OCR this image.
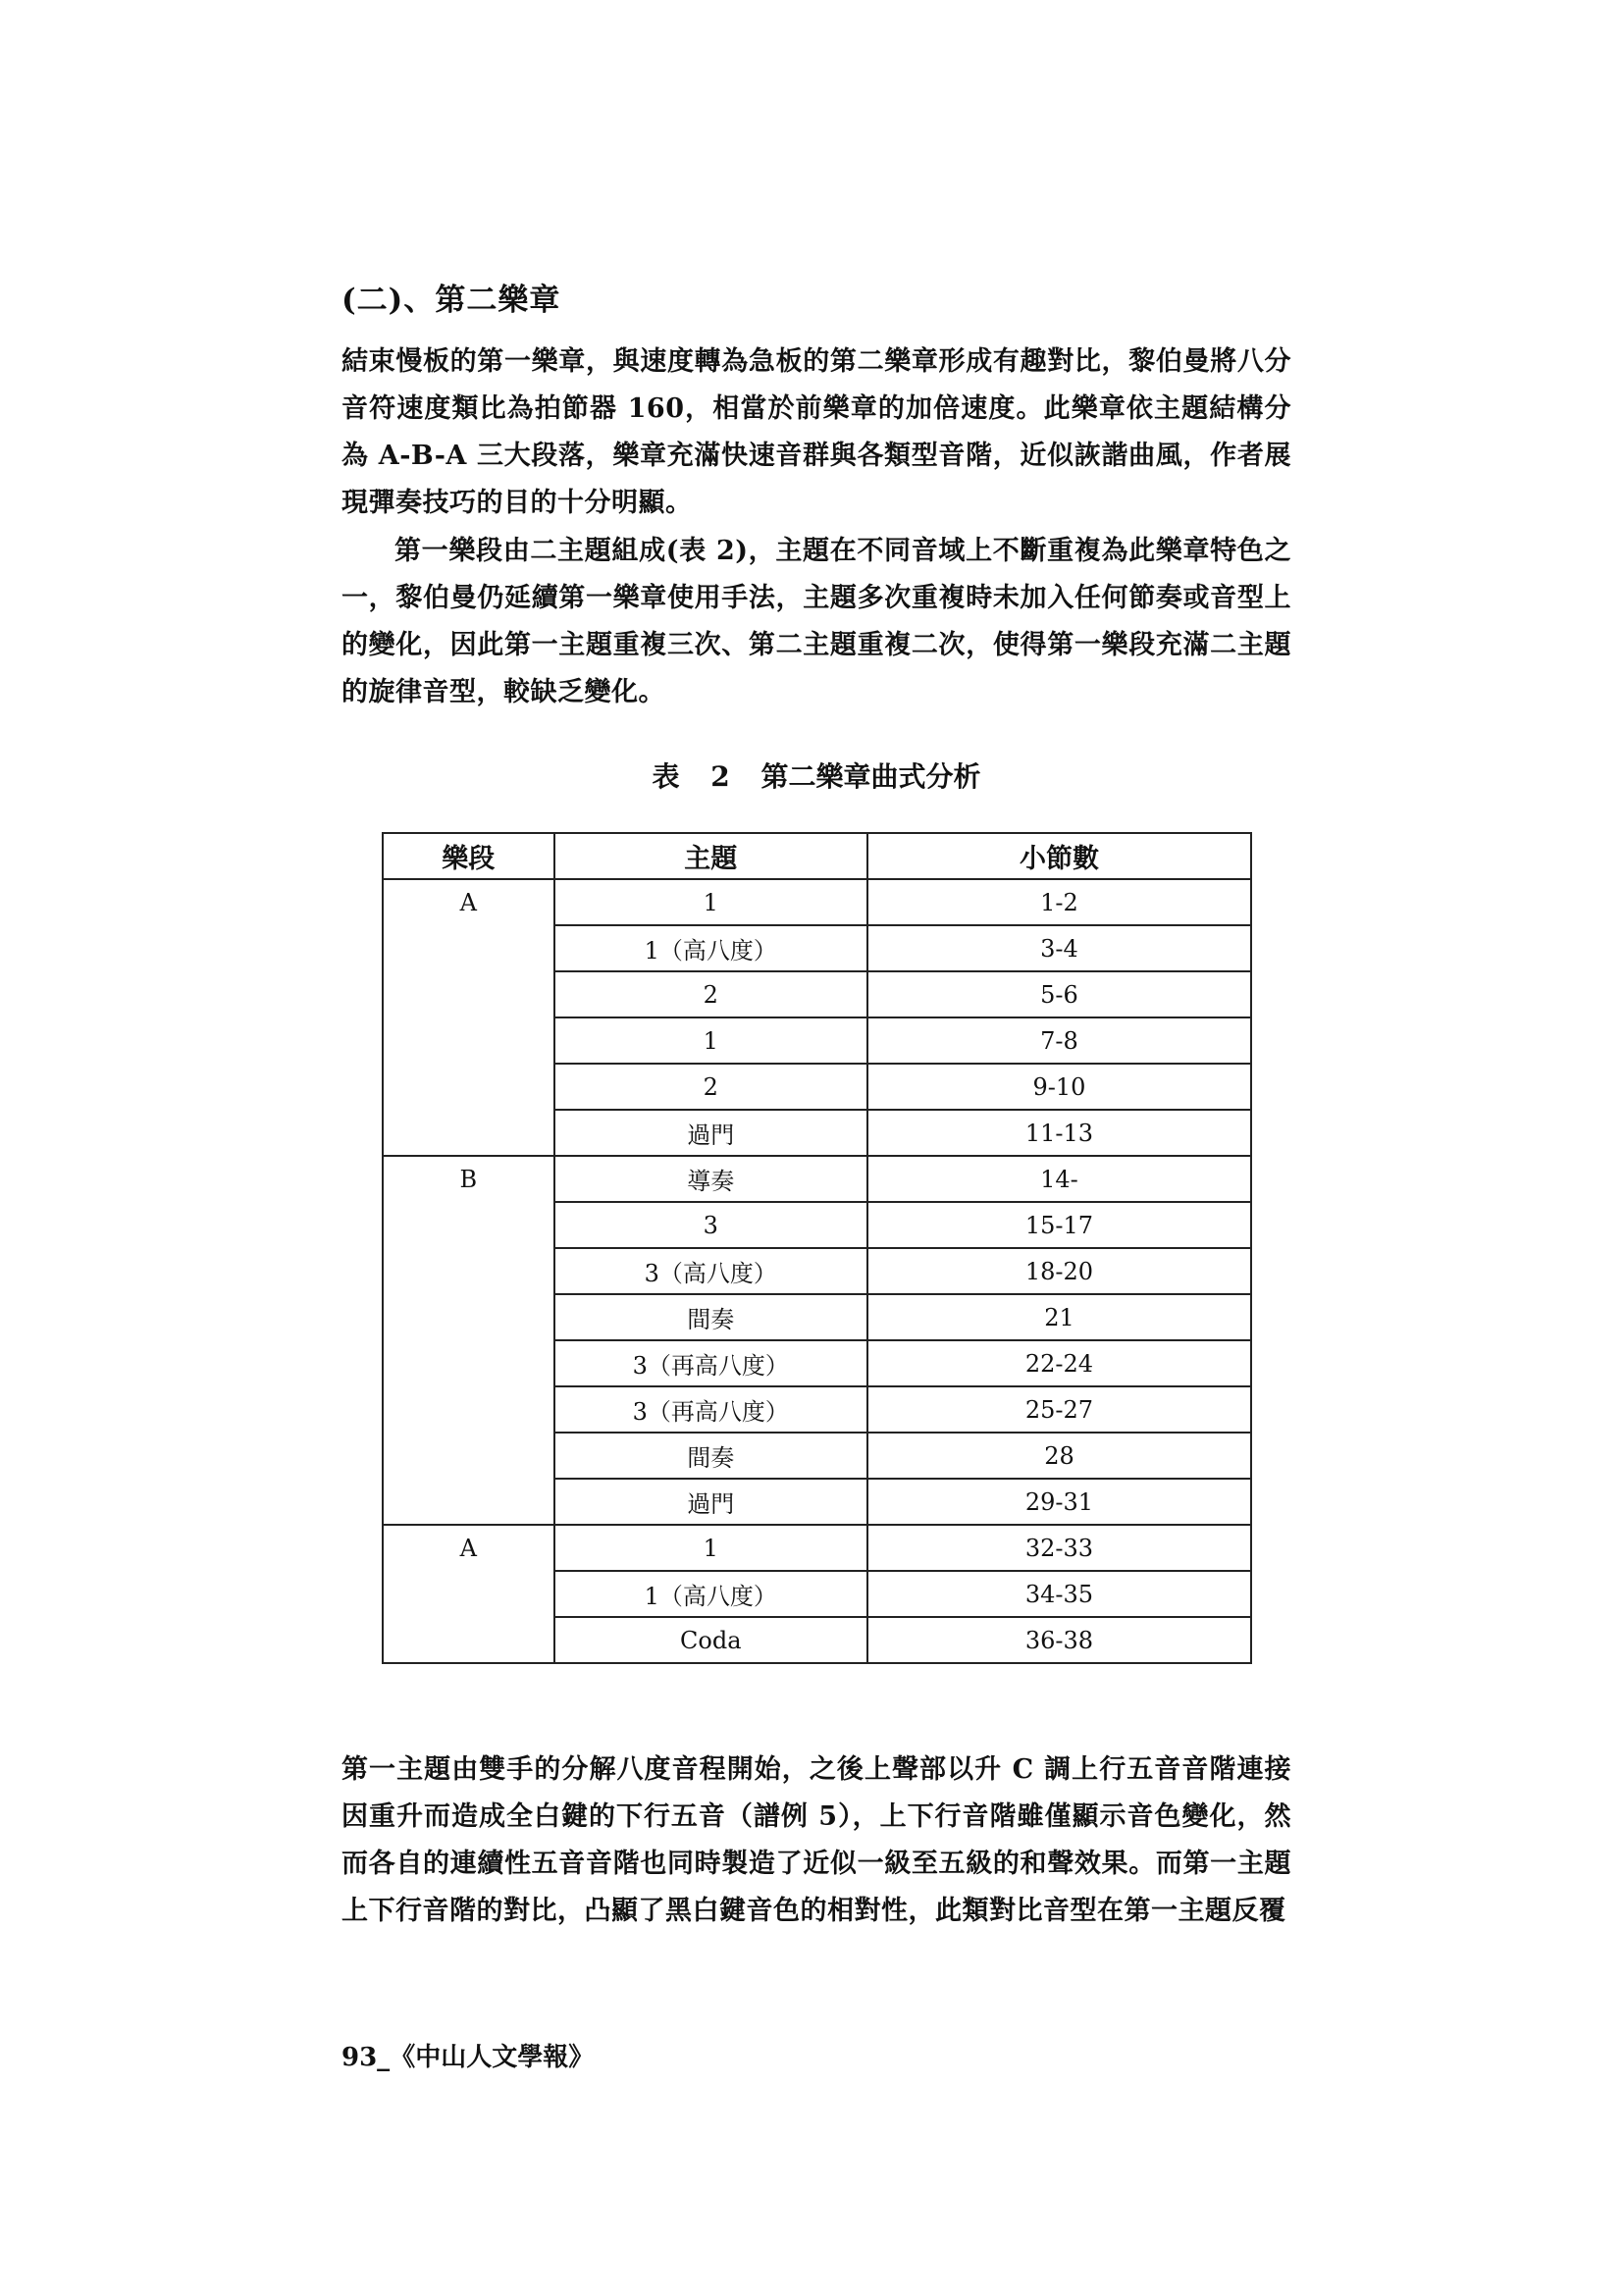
(二)、第二樂章
結束慢板的第一樂章，與速度轉為急板的第二樂章形成有趣對比，黎伯曼將八分音符速度類比為拍節器 160，相當於前樂章的加倍速度。此樂章依主題結構分為 A-B-A 三大段落，樂章充滿快速音群與各類型音階，近似詼諧曲風，作者展現彈奏技巧的目的十分明顯。
第一樂段由二主題組成(表 2)，主題在不同音域上不斷重複為此樂章特色之一，黎伯曼仍延續第一樂章使用手法，主題多次重複時未加入任何節奏或音型上的變化，因此第一主題重複三次、第二主題重複二次，使得第一樂段充滿二主題的旋律音型，較缺乏變化。
表 2 第二樂章曲式分析
樂段	主題	小節數
A	1	1-2
	1（高八度）	3-4
	2	5-6
	1	7-8
	2	9-10
	過門	11-13
B	導奏	14-
	3	15-17
	3（高八度）	18-20
	間奏	21
	3（再高八度）	22-24
	3（再高八度）	25-27
	間奏	28
	過門	29-31
A	1	32-33
	1（高八度）	34-35
	Coda	36-38
第一主題由雙手的分解八度音程開始，之後上聲部以升 C 調上行五音音階連接因重升而造成全白鍵的下行五音（譜例 5），上下行音階雖僅顯示音色變化，然而各自的連續性五音音階也同時製造了近似一級至五級的和聲效果。而第一主題上下行音階的對比，凸顯了黑白鍵音色的相對性，此類對比音型在第一主題反覆
93_《中山人文學報》
